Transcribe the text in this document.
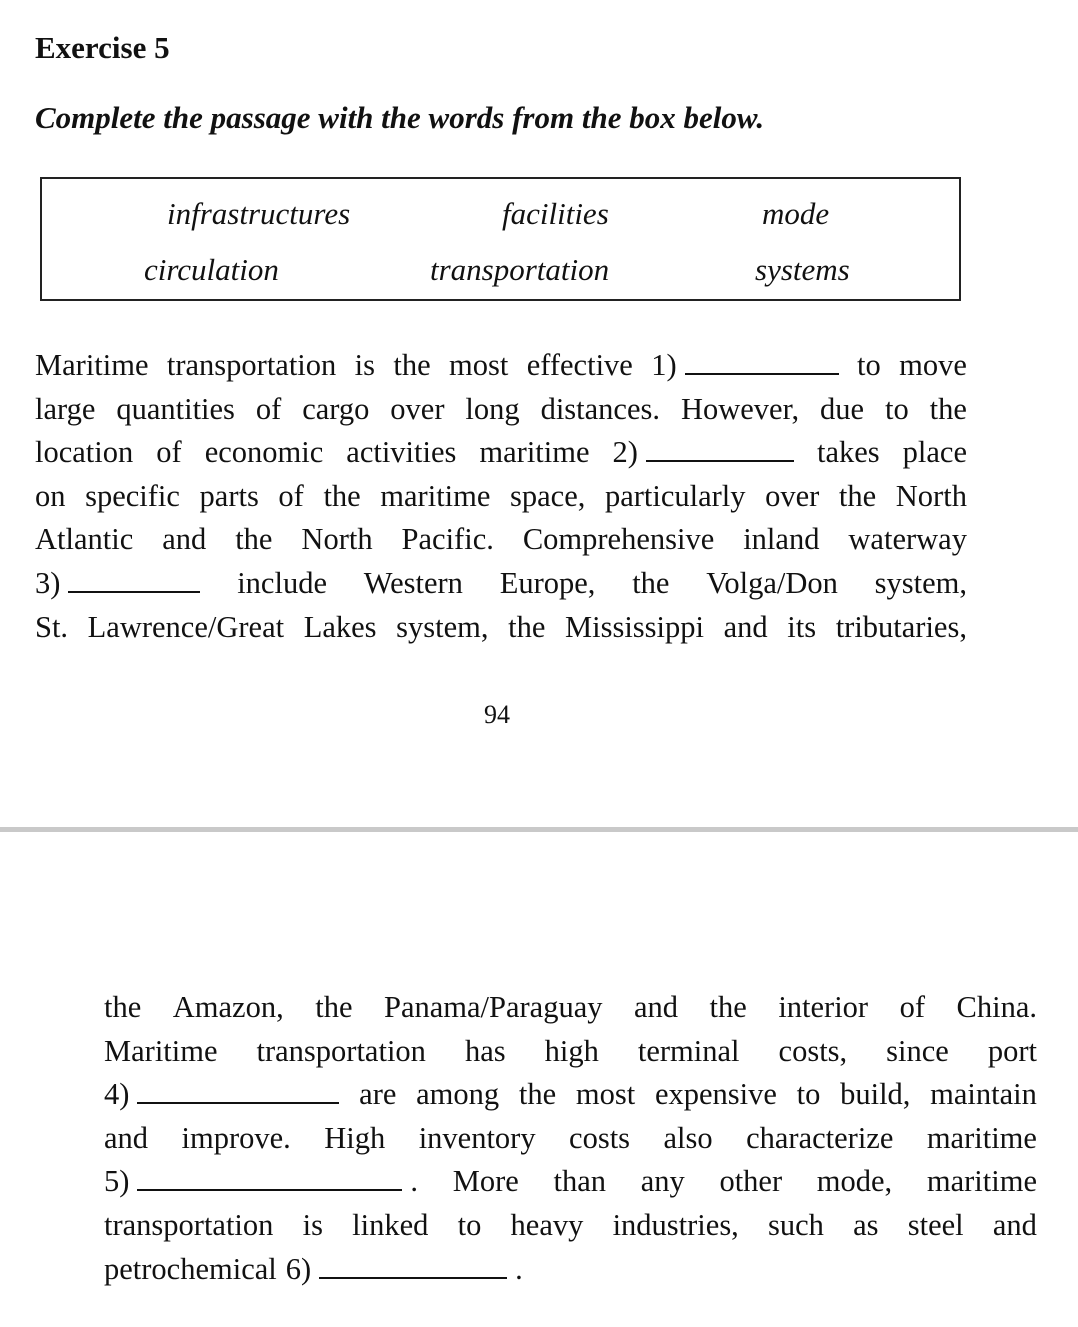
Exercise 5

Complete the passage with the words from the box below.

infrastructures	facilities	mode
circulation	transportation	systems
Maritime transportation is the most effective 1)	to move
large quantities of cargo over long distances. However, due to the
location of economic activities maritime 2)	takes place
on specific parts of the maritime space, particularly over the North
Atlantic and the North Pacific. Comprehensive inland waterway
3)	include Western Europe, the Volga/Don system,
St. Lawrence/Great Lakes system, the Mississippi and its tributaries,
94
the Amazon, the Panama/Paraguay and the interior of China.
Maritime transportation has high terminal costs, since port
4)	are among the most expensive to build, maintain
and improve. High inventory costs also characterize maritime
5)	. More than any other mode, maritime
transportation is linked to heavy industries, such as steel and
petrochemical 6)	.
